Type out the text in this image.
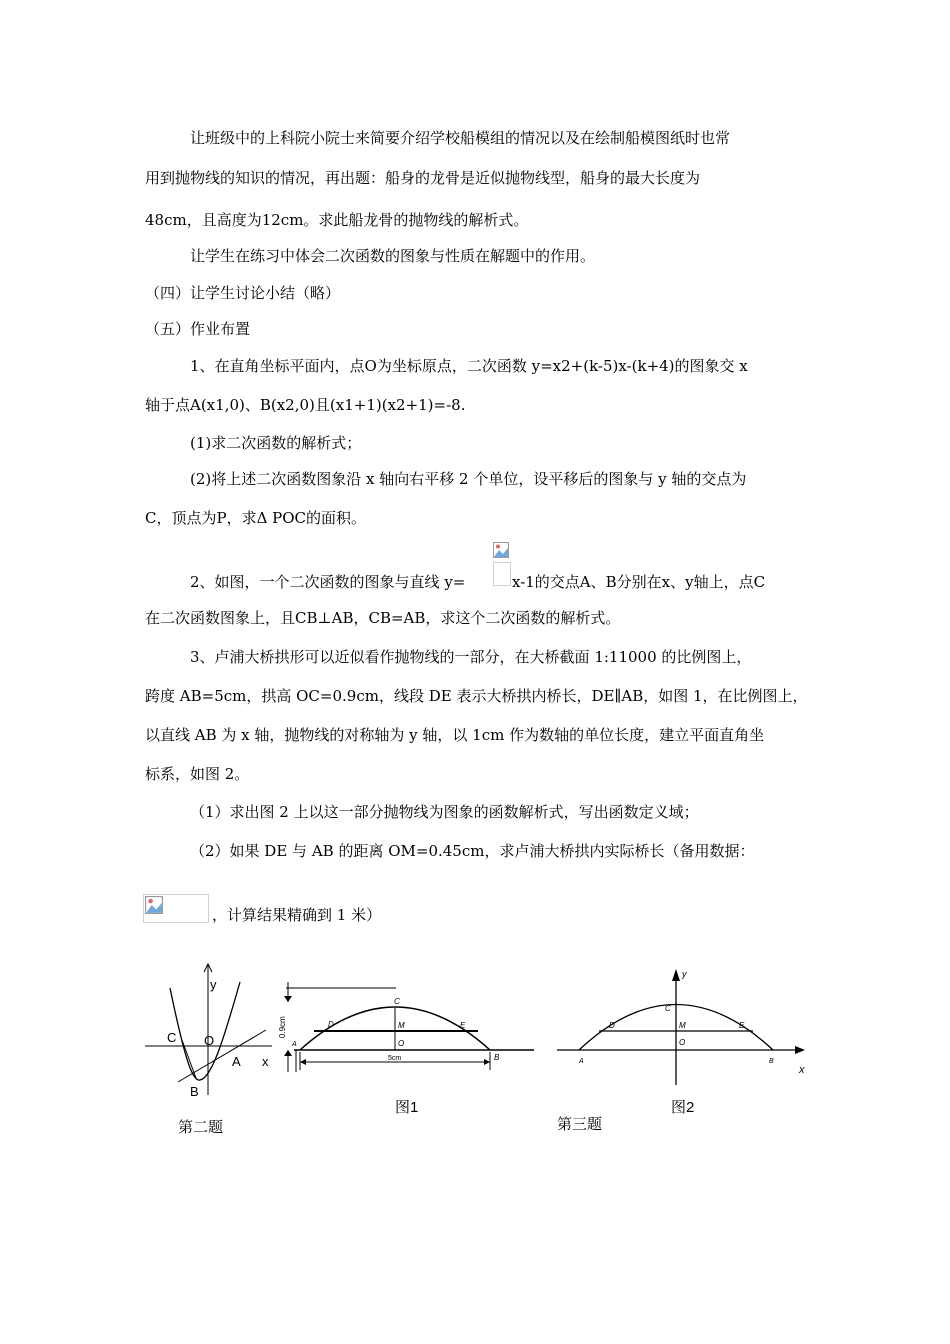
让班级中的上科院小院士来简要介绍学校船模组的情况以及在绘制船模图纸时也常
用到抛物线的知识的情况，再出题：船身的龙骨是近似抛物线型，船身的最大长度为
48cm，且高度为12cm。求此船龙骨的抛物线的解析式。
让学生在练习中体会二次函数的图象与性质在解题中的作用。
（四）让学生讨论小结（略）
（五）作业布置
1、在直角坐标平面内，点O为坐标原点，二次函数 y=x2+(k-5)x-(k+4)的图象交 x
轴于点A(x1,0)、B(x2,0)且(x1+1)(x2+1)=-8.
(1)求二次函数的解析式；
(2)将上述二次函数图象沿 x 轴向右平移 2 个单位，设平移后的图象与 y 轴的交点为
C，顶点为P，求Δ POC的面积。
2、如图，一个二次函数的图象与直线 y=	x-1的交点A、B分别在x、y轴上，点C
在二次函数图象上，且CB⊥AB，CB=AB，求这个二次函数的解析式。
3、卢浦大桥拱形可以近似看作抛物线的一部分，在大桥截面 1:11000 的比例图上，
跨度 AB=5cm，拱高 OC=0.9cm，线段 DE 表示大桥拱内桥长，DE∥AB，如图 1，在比例图上，
以直线 AB 为 x 轴，抛物线的对称轴为 y 轴，以 1cm 作为数轴的单位长度，建立平面直角坐
标系，如图 2。
（1）求出图 2 上以这一部分抛物线为图象的函数解析式，写出函数定义域；
（2）如果 DE 与 AB 的距离 OM=0.45cm，求卢浦大桥拱内实际桥长（备用数据：
，计算结果精确到 1 米）
y
x
C O
A
B
第二题
0.9cm
5cm
C
D	M	E
O
A
B
图1
y
x
C
D	M	E
O
A	B
图2
第三题
